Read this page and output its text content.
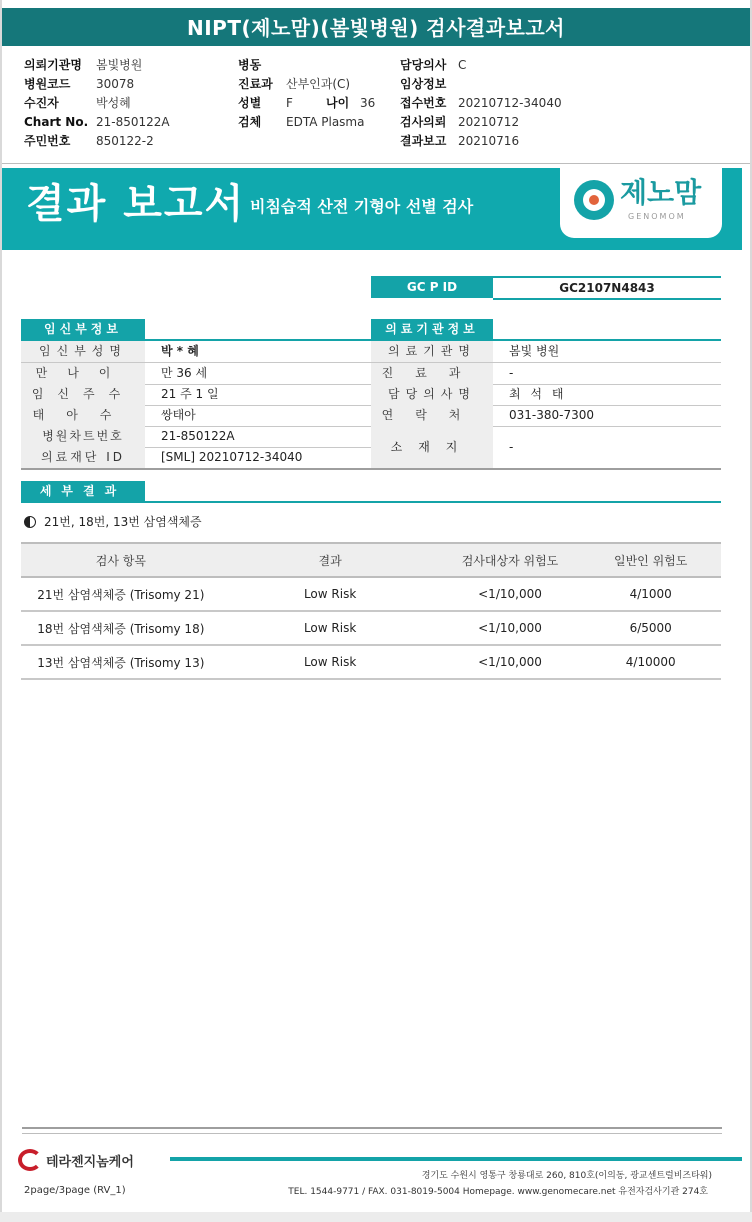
NIPT(제노맘)(봄빛병원) 검사결과보고서
의뢰기관명	봄빛병원
병원코드	30078
수진자	박성혜
Chart No. 21-850122A
주민번호	850122-2
병동
진료과	산부인과(C)
성별	F	나이 36
검체	EDTA Plasma
담당의사 C
임상정보
접수번호 20210712-34040
검사의뢰 20210712
결과보고 20210716
결과 보고서 비침습적 산전 기형아 선별 검사	제노맘
GENOMOM
GC P ID	GC2107N4843
임신부정보
임신부성명	박 * 혜
만나이	만 36 세
임신주수	21 주 1 일
태아수	쌍태아
병원차트번호	21-850122A
의료재단 ID	[SML] 20210712-34040
의료기관정보
의료기관명	봄빛 병원
진료과	-
담당의사명	최 석 태
연락처	031-380-7300
소재지	-
세부결과
21번, 18번, 13번 삼염색체증
검사 항목	결과	검사대상자 위험도	일반인 위험도
21번 삼염색체증 (Trisomy 21)	Low Risk	<1/10,000	4/1000
18번 삼염색체증 (Trisomy 18)	Low Risk	<1/10,000	6/5000
13번 삼염색체증 (Trisomy 13)	Low Risk	<1/10,000	4/10000
테라젠지놈케어
경기도 수원시 영통구 창룡대로 260, 810호(이의동, 광교센트럴비즈타워)
TEL. 1544-9771 / FAX. 031-8019-5004 Homepage. www.genomecare.net 유전자검사기관 274호
2page/3page (RV_1)
